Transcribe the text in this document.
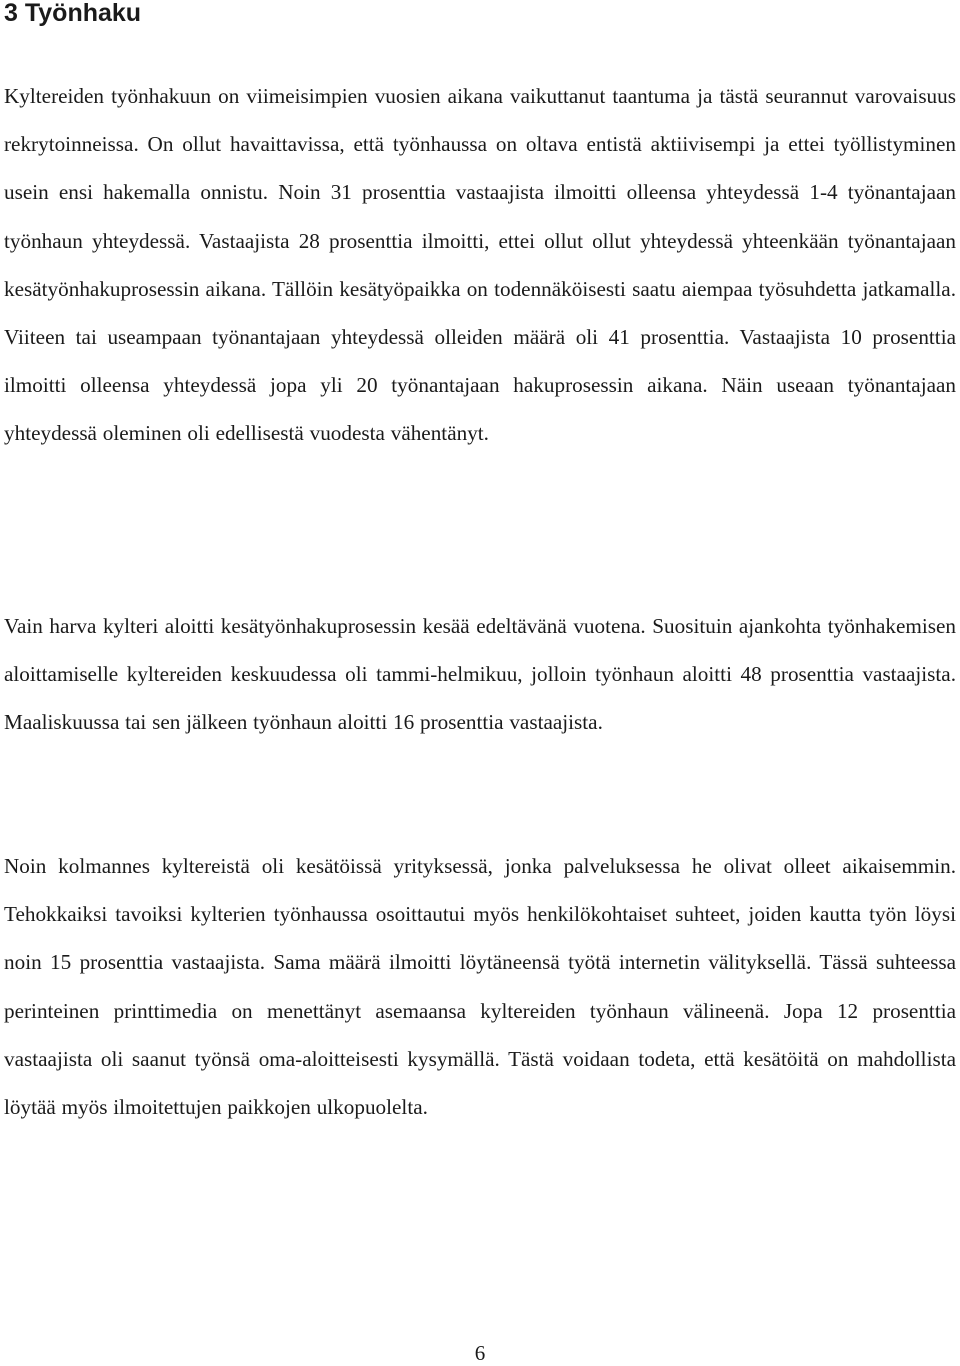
3 Työnhaku

Kyltereiden työnhakuun on viimeisimpien vuosien aikana vaikuttanut taantuma ja tästä seurannut varovaisuus rekrytoinneissa. On ollut havaittavissa, että työnhaussa on oltava entistä aktiivisempi ja ettei työllistyminen usein ensi hakemalla onnistu. Noin 31 prosenttia vastaajista ilmoitti olleensa yhteydessä 1-4 työnantajaan työnhaun yhteydessä. Vastaajista 28 prosenttia ilmoitti, ettei ollut ollut yhteydessä yhteenkään työnantajaan kesätyönhakuprosessin aikana. Tällöin kesätyöpaikka on todennäköisesti saatu aiempaa työsuhdetta jatkamalla. Viiteen tai useampaan työnantajaan yhteydessä olleiden määrä oli 41 prosenttia. Vastaajista 10 prosenttia ilmoitti olleensa yhteydessä jopa yli 20 työnantajaan hakuprosessin aikana. Näin useaan työnantajaan yhteydessä oleminen oli edellisestä vuodesta vähentänyt.

Vain harva kylteri aloitti kesätyönhakuprosessin kesää edeltävänä vuotena. Suosituin ajankohta työnhakemisen aloittamiselle kyltereiden keskuudessa oli tammi-helmikuu, jolloin työnhaun aloitti 48 prosenttia vastaajista. Maaliskuussa tai sen jälkeen työnhaun aloitti 16 prosenttia vastaajista.

Noin kolmannes kyltereistä oli kesätöissä yrityksessä, jonka palveluksessa he olivat olleet aikaisemmin. Tehokkaiksi tavoiksi kylterien työnhaussa osoittautui myös henkilökohtaiset suhteet, joiden kautta työn löysi noin 15 prosenttia vastaajista. Sama määrä ilmoitti löytäneensä työtä internetin välityksellä. Tässä suhteessa perinteinen printtimedia on menettänyt asemaansa kyltereiden työnhaun välineenä. Jopa 12 prosenttia vastaajista oli saanut työnsä oma-aloitteisesti kysymällä. Tästä voidaan todeta, että kesätöitä on mahdollista löytää myös ilmoitettujen paikkojen ulkopuolelta.

6
